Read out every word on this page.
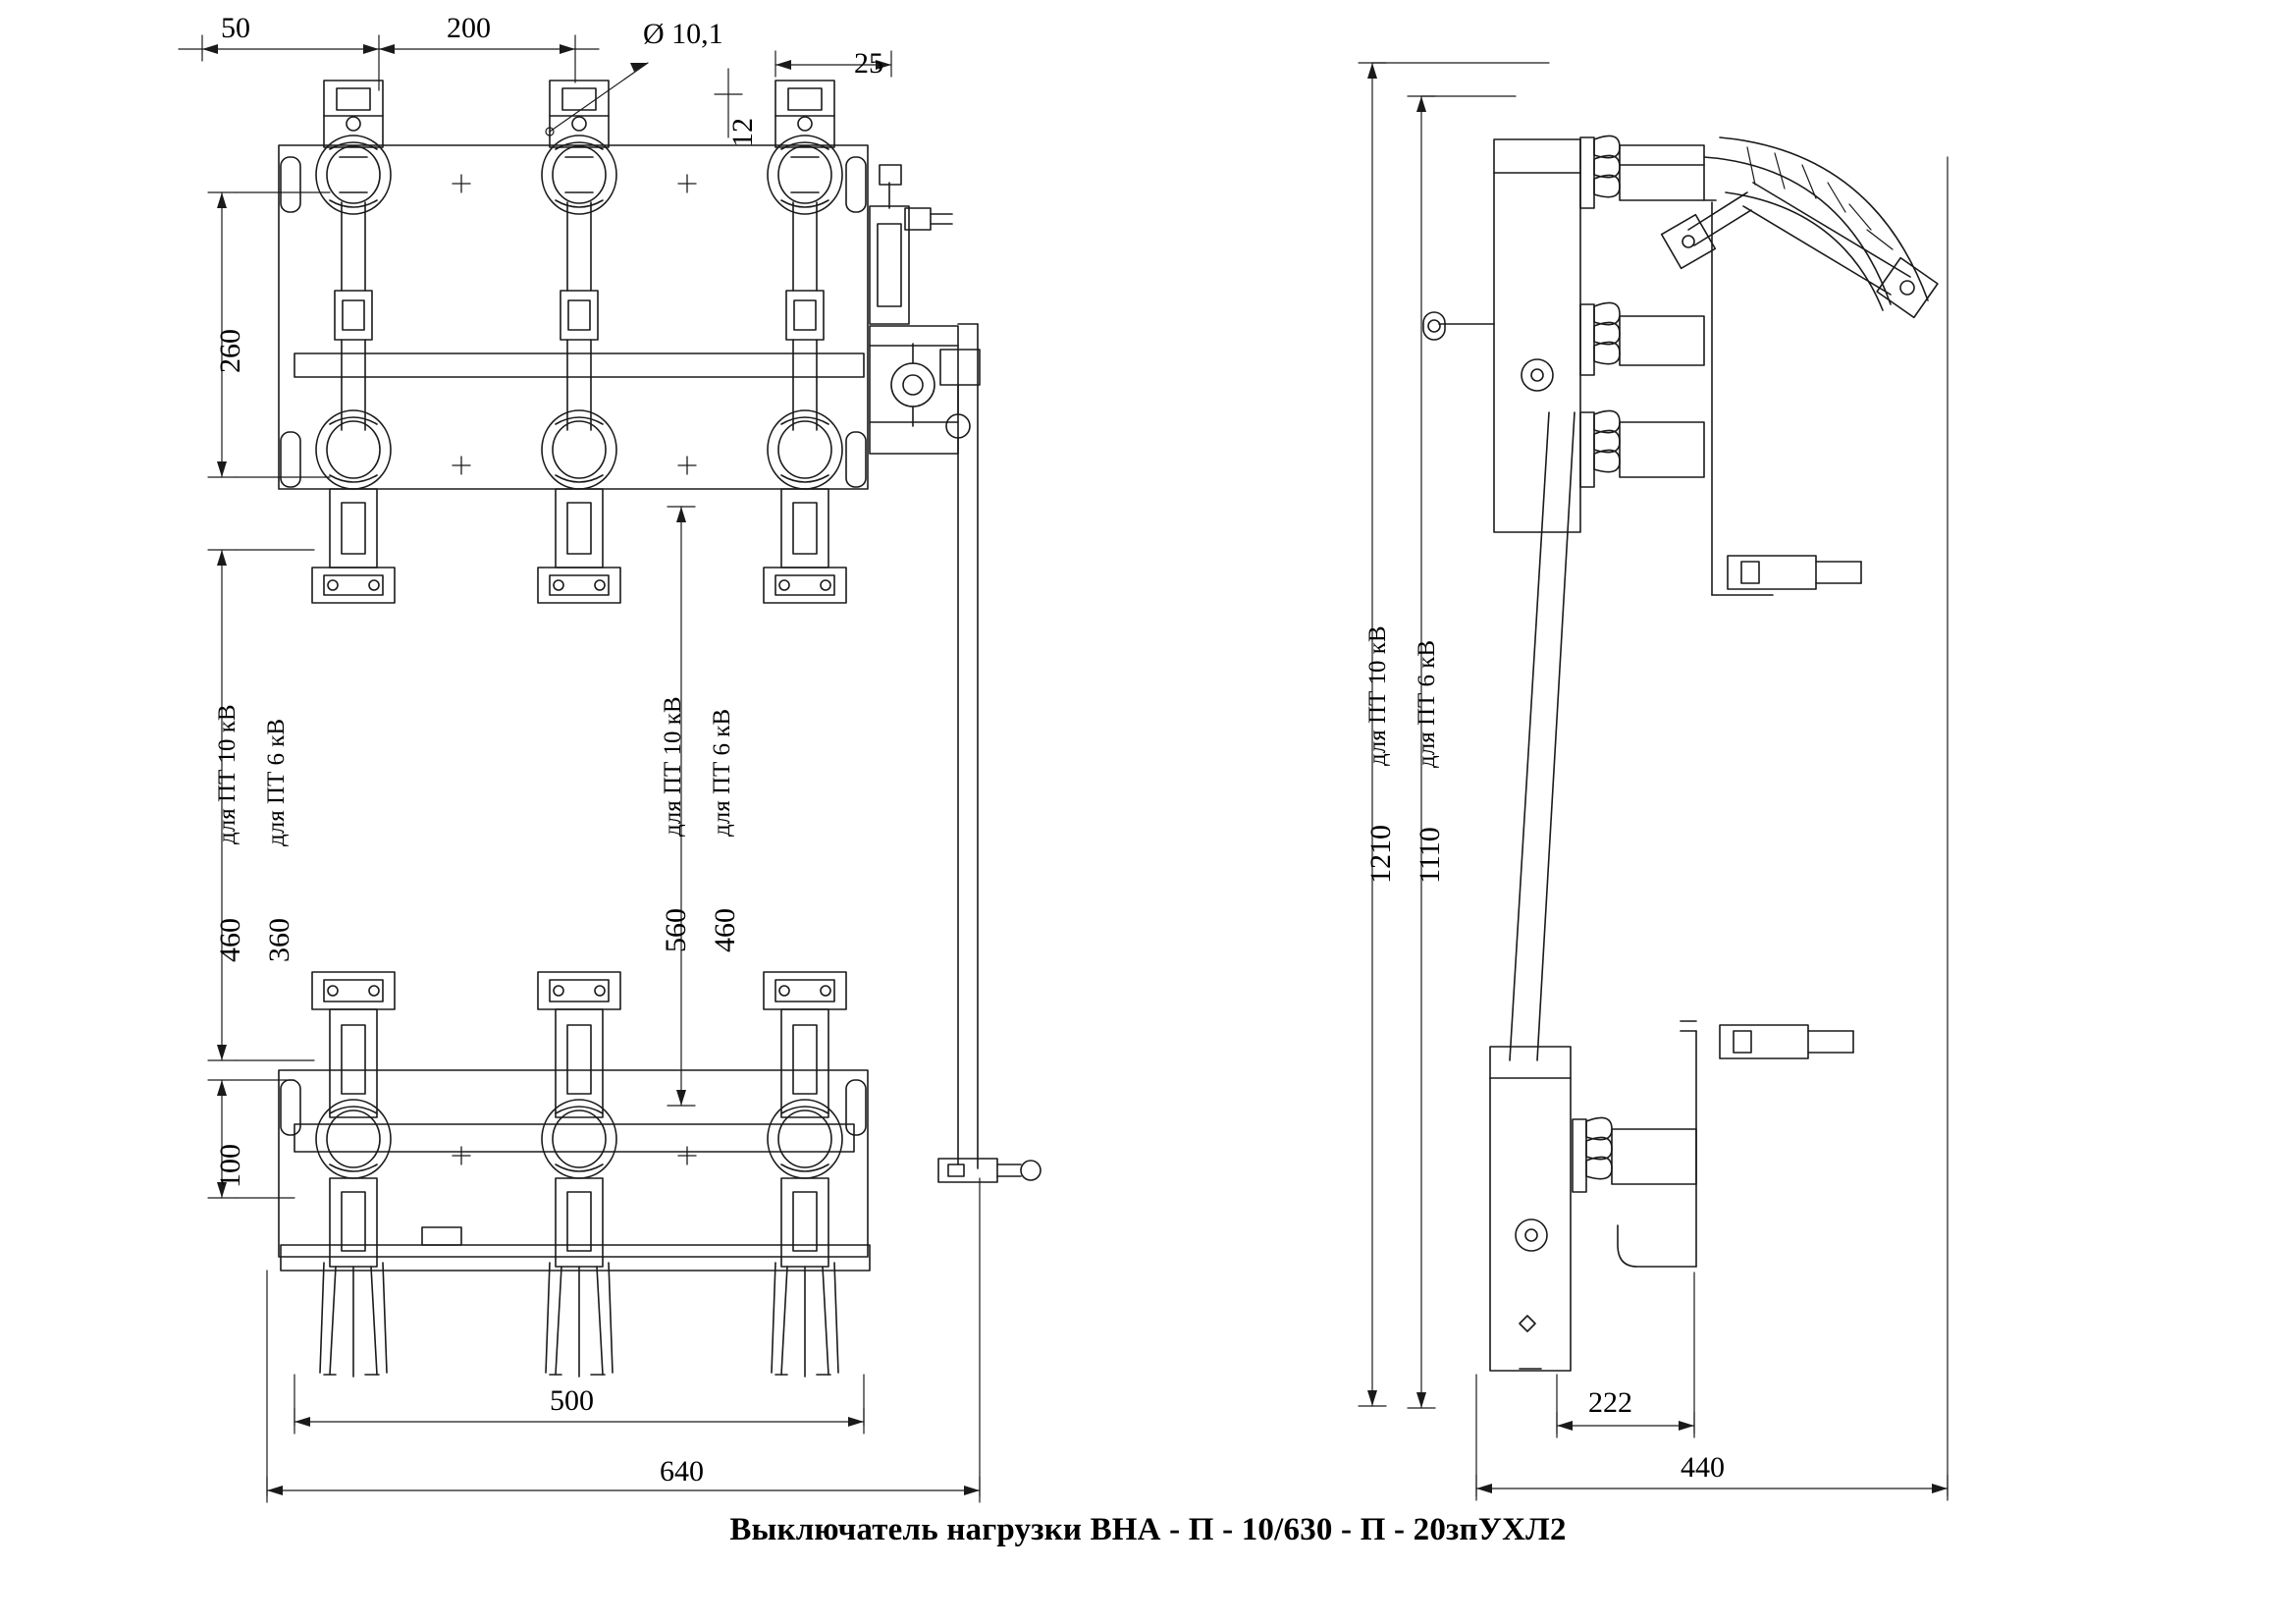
50	200	Ø 10,1
25
12
260
460
для ПТ 10 кВ
360
для ПТ 6 кВ
560
для ПТ 10 кВ
460
для ПТ 6 кВ
100
500
640
1210
для ПТ 10 кВ
1110
для ПТ 6 кВ
222
440
Выключатель нагрузки ВНА - П - 10/630 - П - 20зпУХЛ2
